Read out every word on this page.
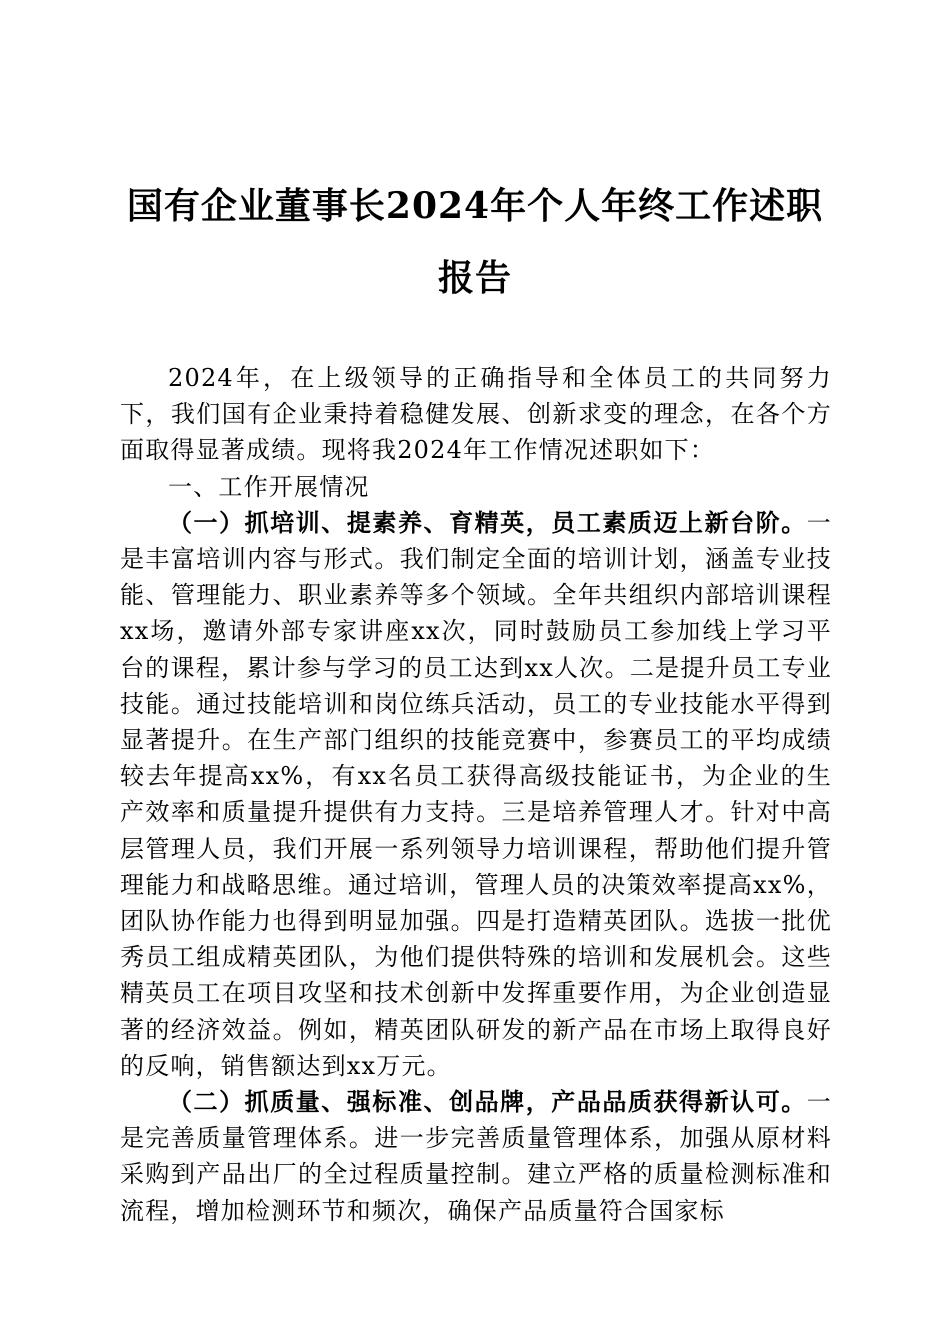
国有企业董事长2024年个人年终工作述职报告

2024年，在上级领导的正确指导和全体员工的共同努力下，我们国有企业秉持着稳健发展、创新求变的理念，在各个方面取得显著成绩。现将我2024年工作情况述职如下：

一、工作开展情况

（一）抓培训、提素养、育精英，员工素质迈上新台阶。一是丰富培训内容与形式。我们制定全面的培训计划，涵盖专业技能、管理能力、职业素养等多个领域。全年共组织内部培训课程xx场，邀请外部专家讲座xx次，同时鼓励员工参加线上学习平台的课程，累计参与学习的员工达到xx人次。二是提升员工专业技能。通过技能培训和岗位练兵活动，员工的专业技能水平得到显著提升。在生产部门组织的技能竞赛中，参赛员工的平均成绩较去年提高xx%，有xx名员工获得高级技能证书，为企业的生产效率和质量提升提供有力支持。三是培养管理人才。针对中高层管理人员，我们开展一系列领导力培训课程，帮助他们提升管理能力和战略思维。通过培训，管理人员的决策效率提高xx%，团队协作能力也得到明显加强。四是打造精英团队。选拔一批优秀员工组成精英团队，为他们提供特殊的培训和发展机会。这些精英员工在项目攻坚和技术创新中发挥重要作用，为企业创造显著的经济效益。例如，精英团队研发的新产品在市场上取得良好的反响，销售额达到xx万元。

（二）抓质量、强标准、创品牌，产品品质获得新认可。一是完善质量管理体系。进一步完善质量管理体系，加强从原材料采购到产品出厂的全过程质量控制。建立严格的质量检测标准和流程，增加检测环节和频次，确保产品质量符合国家标
